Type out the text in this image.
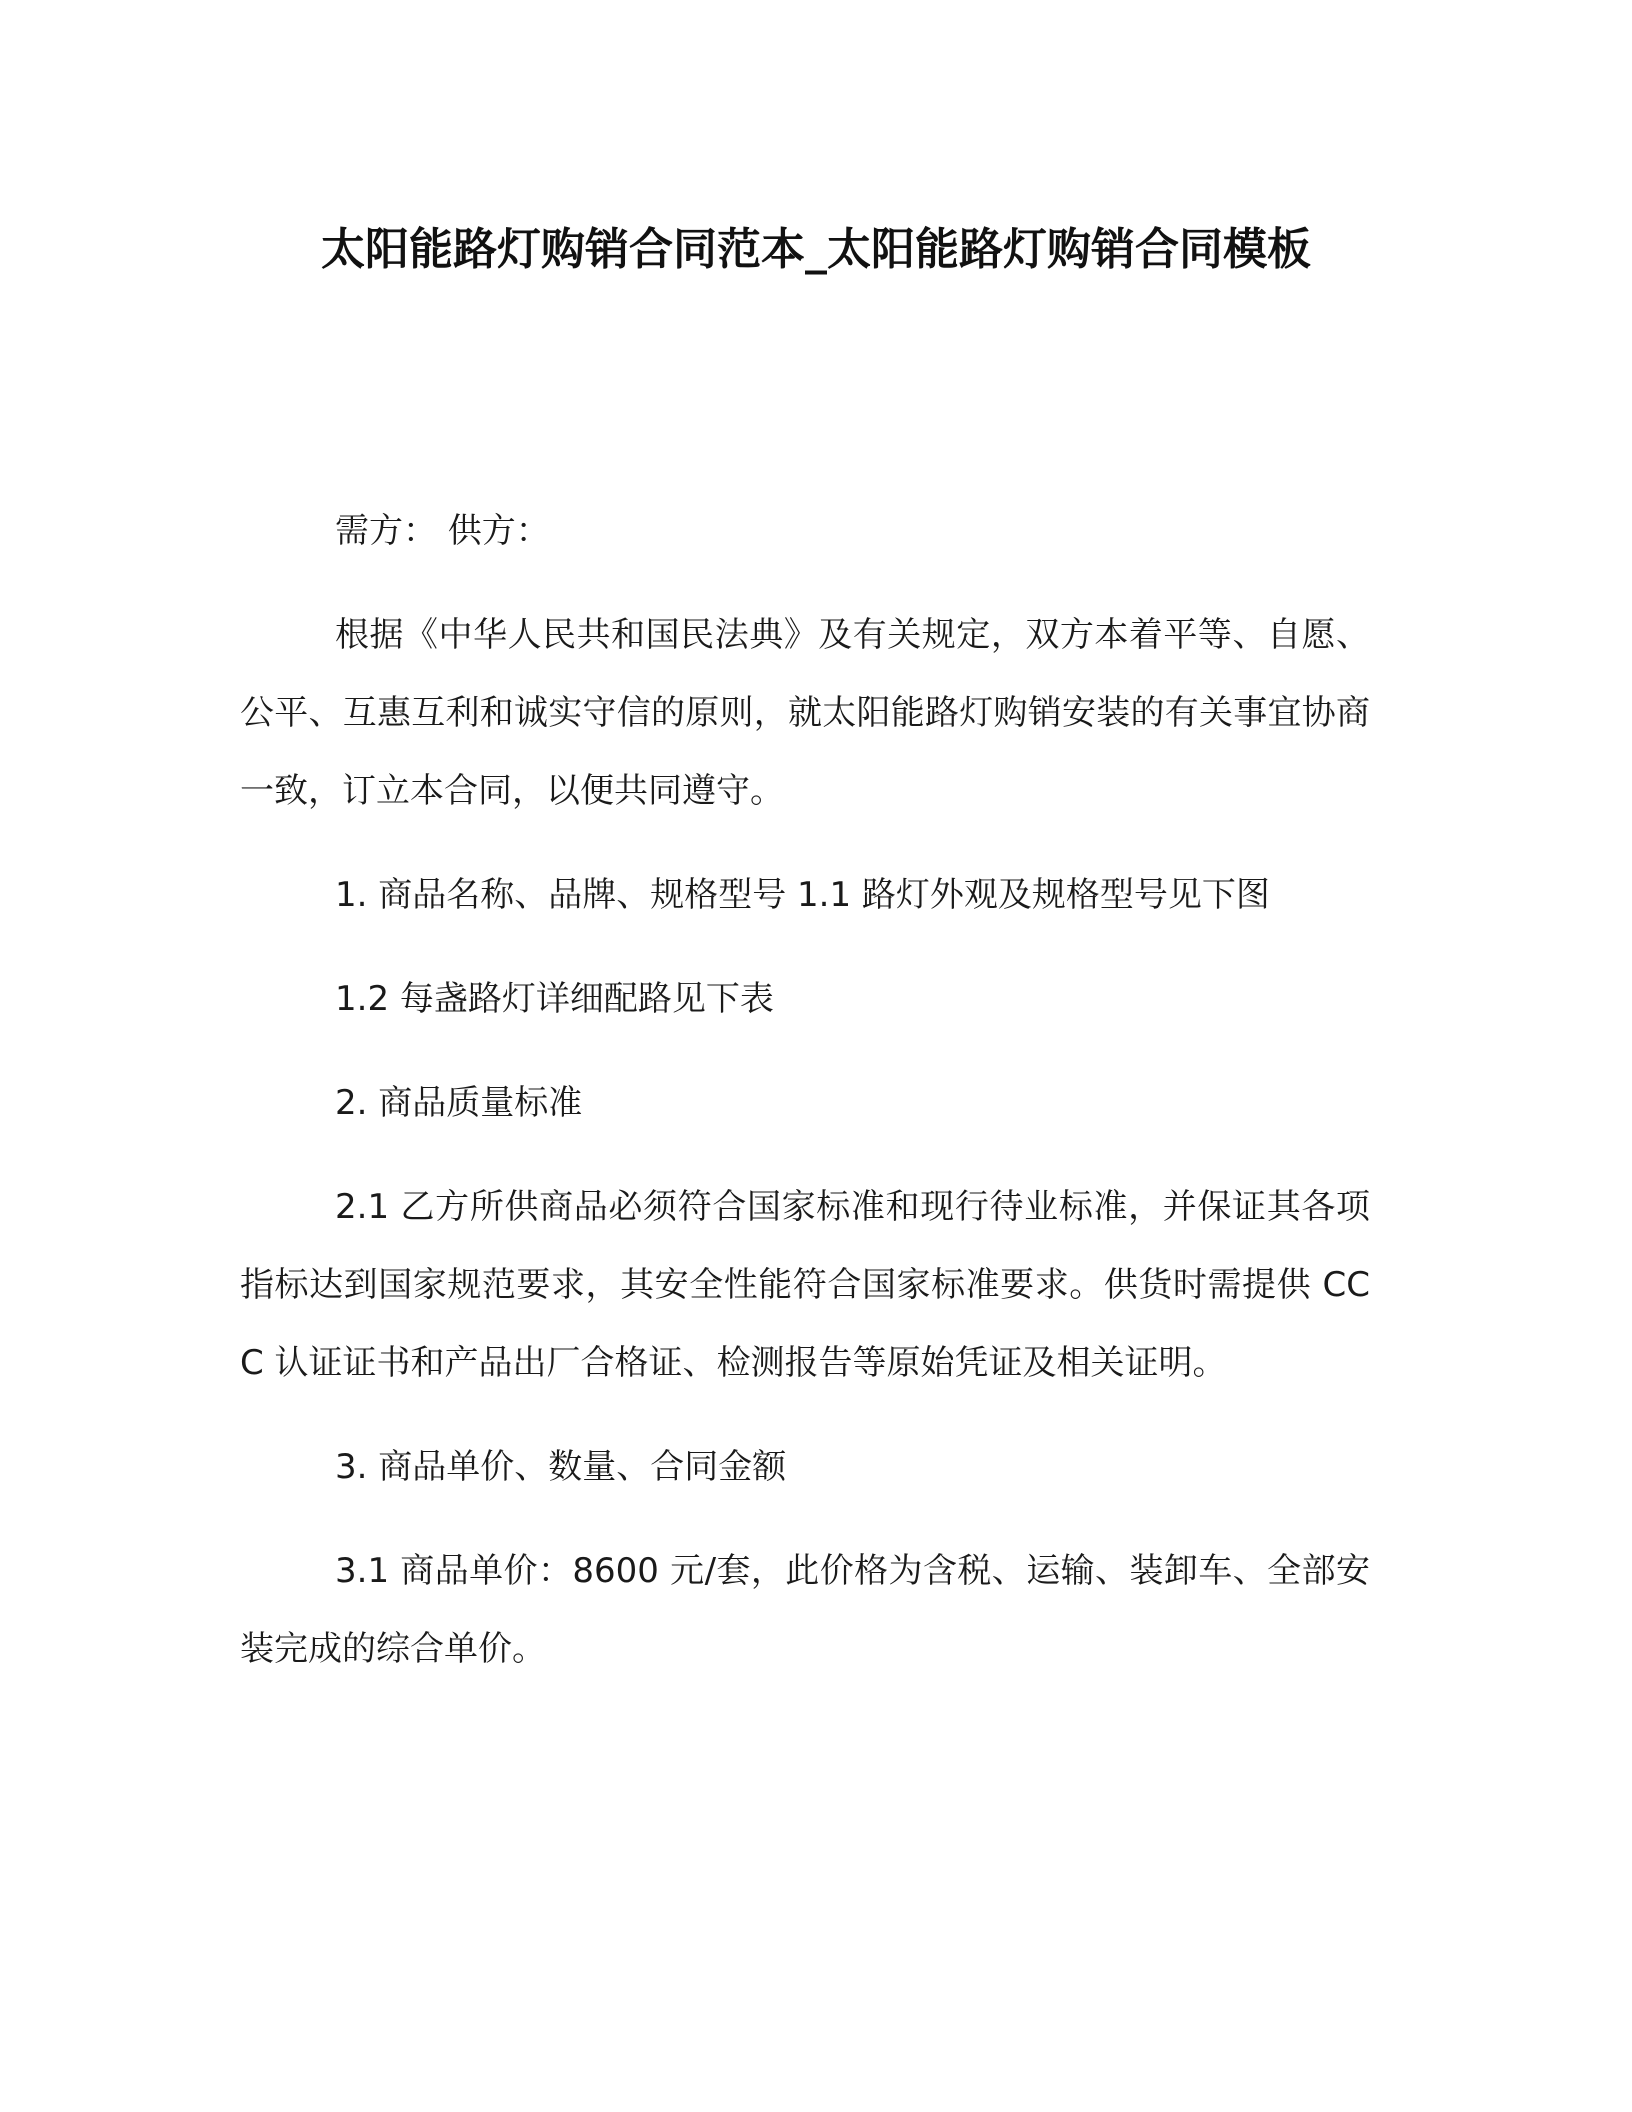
太阳能路灯购销合同范本_太阳能路灯购销合同模板

需方： 供方：

根据《中华人民共和国民法典》及有关规定，双方本着平等、自愿、公平、互惠互利和诚实守信的原则，就太阳能路灯购销安装的有关事宜协商一致，订立本合同，以便共同遵守。

1. 商品名称、品牌、规格型号 1.1 路灯外观及规格型号见下图

1.2 每盏路灯详细配路见下表

2. 商品质量标准

2.1 乙方所供商品必须符合国家标准和现行待业标准，并保证其各项指标达到国家规范要求，其安全性能符合国家标准要求。供货时需提供 CCC 认证证书和产品出厂合格证、检测报告等原始凭证及相关证明。

3. 商品单价、数量、合同金额

3.1 商品单价：8600 元/套，此价格为含税、运输、装卸车、全部安装完成的综合单价。
